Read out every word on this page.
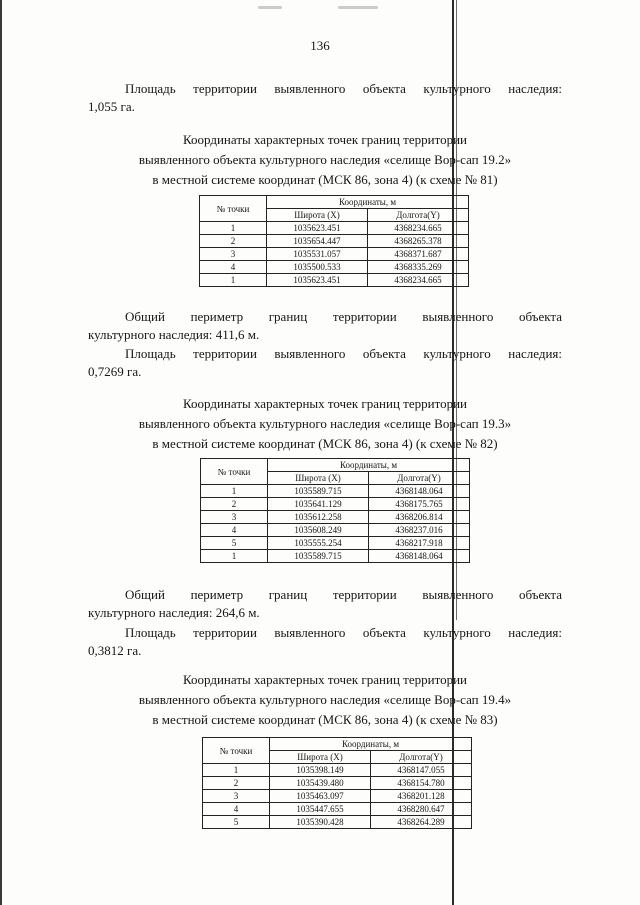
136

Площадь территории выявленного объекта культурного наследия:

1,055 га.

Координаты характерных точек границ территории
выявленного объекта культурного наследия «селище Вор-сап 19.2»
в местной системе координат (МСК 86, зона 4) (к схеме № 81)
№ точки	Координаты, м	
	Широта (X)	Долгота(Y)
1	1035623.451	4368234.665
2	1035654.447	4368265.378
3	1035531.057	4368371.687
4	1035500.533	4368335.269
1	1035623.451	4368234.665

Общий периметр границ территории выявленного объекта

культурного наследия: 411,6 м.

Площадь территории выявленного объекта культурного наследия:

0,7269 га.

Координаты характерных точек границ территории
выявленного объекта культурного наследия «селище Вор-сап 19.3»
в местной системе координат (МСК 86, зона 4) (к схеме № 82)
№ точки	Координаты, м	
	Широта (X)	Долгота(Y)
1	1035589.715	4368148.064
2	1035641.129	4368175.765
3	1035612.258	4368206.814
4	1035608.249	4368237.016
5	1035555.254	4368217.918
1	1035589.715	4368148.064

Общий периметр границ территории выявленного объекта

культурного наследия: 264,6 м.

Площадь территории выявленного объекта культурного наследия:

0,3812 га.

Координаты характерных точек границ территории
выявленного объекта культурного наследия «селище Вор-сап 19.4»
в местной системе координат (МСК 86, зона 4) (к схеме № 83)
№ точки	Координаты, м	
	Широта (X)	Долгота(Y)
1	1035398.149	4368147.055
2	1035439.480	4368154.780
3	1035463.097	4368201.128
4	1035447.655	4368280.647
5	1035390.428	4368264.289
